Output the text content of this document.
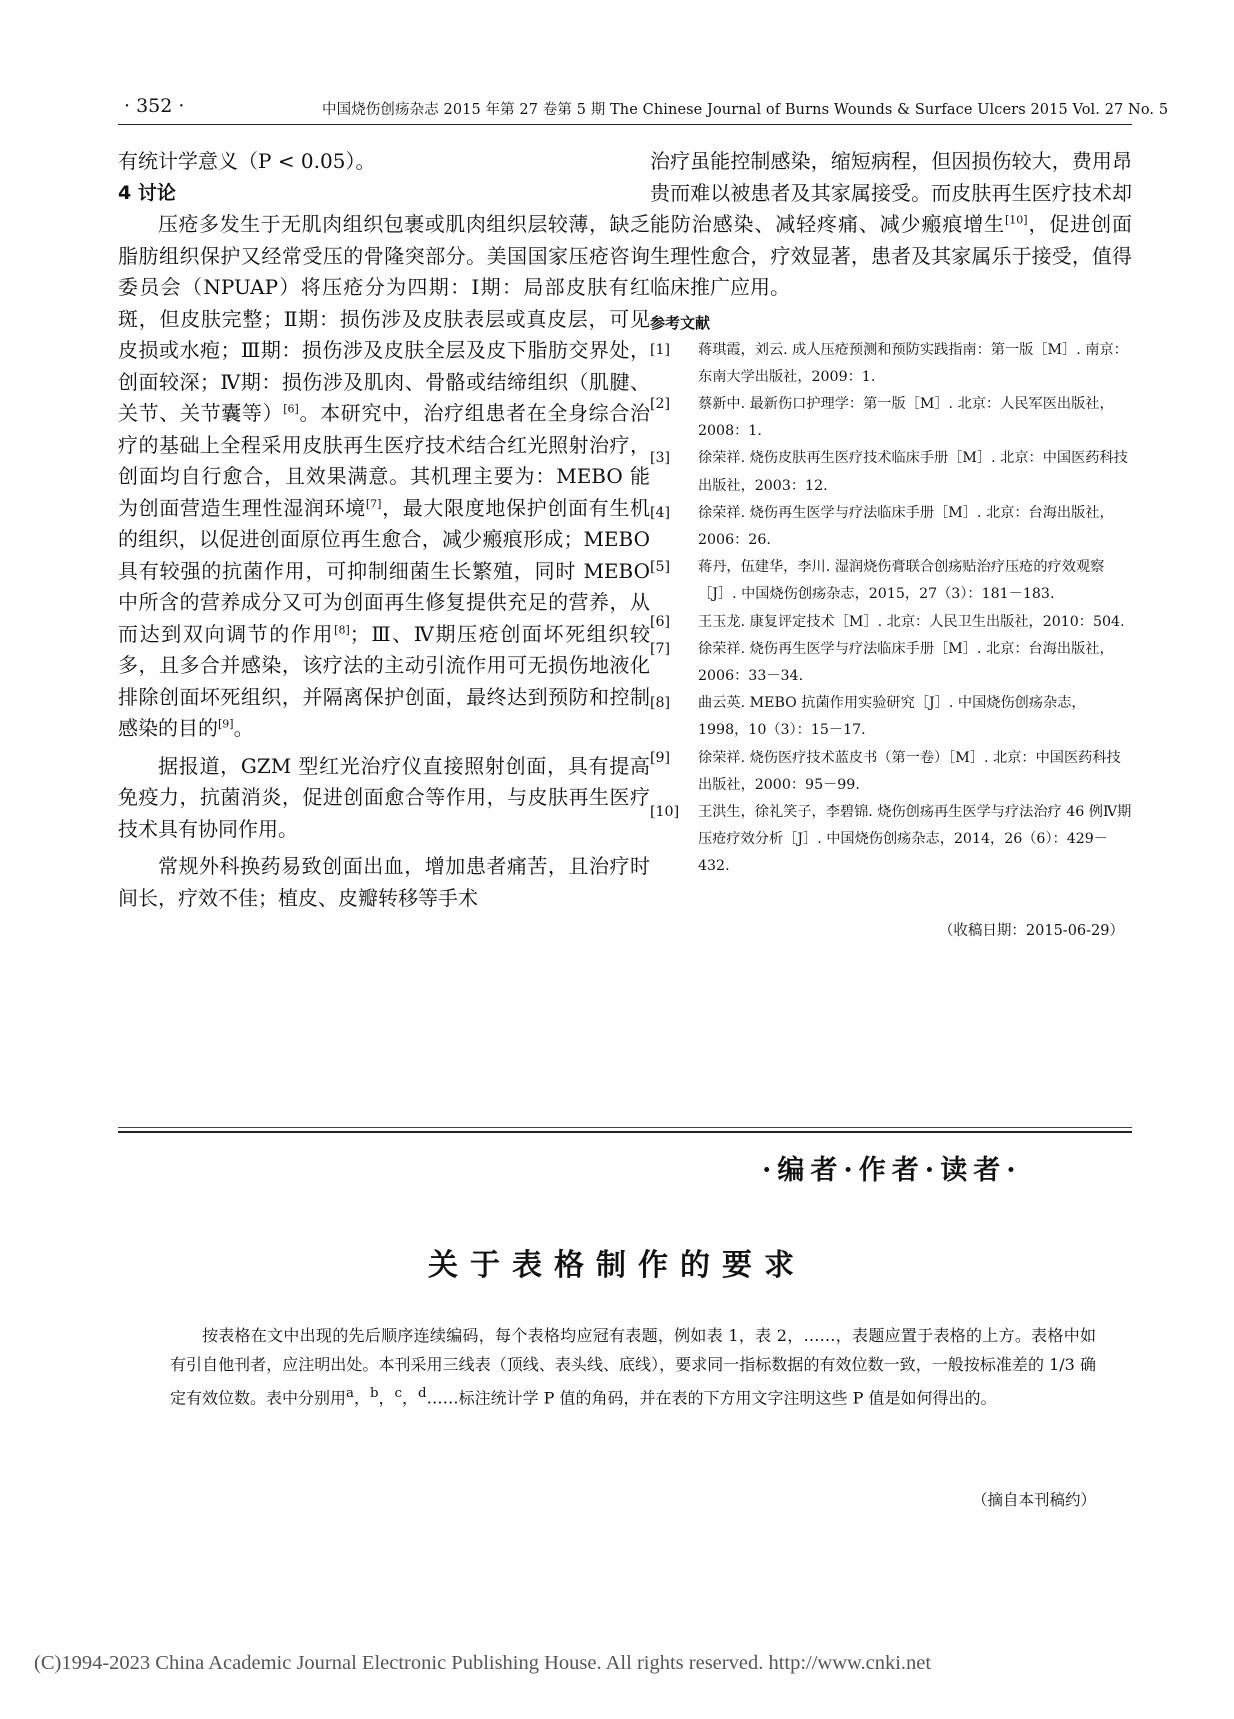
· 352 ·	中国烧伤创疡杂志 2015 年第 27 卷第 5 期 The Chinese Journal of Burns Wounds & Surface Ulcers 2015 Vol. 27 No. 5

有统计学意义（P < 0.05）。

4 讨论

压疮多发生于无肌肉组织包裹或肌肉组织层较薄，缺乏脂肪组织保护又经常受压的骨隆突部分。美国国家压疮咨询委员会（NPUAP）将压疮分为四期：Ⅰ期：局部皮肤有红斑，但皮肤完整；Ⅱ期：损伤涉及皮肤表层或真皮层，可见皮损或水疱；Ⅲ期：损伤涉及皮肤全层及皮下脂肪交界处，创面较深；Ⅳ期：损伤涉及肌肉、骨骼或结缔组织（肌腱、关节、关节囊等）[6]。本研究中，治疗组患者在全身综合治疗的基础上全程采用皮肤再生医疗技术结合红光照射治疗，创面均自行愈合，且效果满意。其机理主要为：MEBO 能为创面营造生理性湿润环境[7]，最大限度地保护创面有生机的组织，以促进创面原位再生愈合，减少瘢痕形成；MEBO 具有较强的抗菌作用，可抑制细菌生长繁殖，同时 MEBO 中所含的营养成分又可为创面再生修复提供充足的营养，从而达到双向调节的作用[8]；Ⅲ、Ⅳ期压疮创面坏死组织较多，且多合并感染，该疗法的主动引流作用可无损伤地液化排除创面坏死组织，并隔离保护创面，最终达到预防和控制感染的目的[9]。

据报道，GZM 型红光治疗仪直接照射创面，具有提高免疫力，抗菌消炎，促进创面愈合等作用，与皮肤再生医疗技术具有协同作用。

常规外科换药易致创面出血，增加患者痛苦，且治疗时间长，疗效不佳；植皮、皮瓣转移等手术

治疗虽能控制感染，缩短病程，但因损伤较大，费用昂贵而难以被患者及其家属接受。而皮肤再生医疗技术却能防治感染、减轻疼痛、减少瘢痕增生[10]，促进创面生理性愈合，疗效显著，患者及其家属乐于接受，值得临床推广应用。

参考文献
[1] 蒋琪霞，刘云. 成人压疮预测和预防实践指南：第一版［M］. 南京：东南大学出版社，2009：1.
[2] 蔡新中. 最新伤口护理学：第一版［M］. 北京：人民军医出版社，2008：1.
[3] 徐荣祥. 烧伤皮肤再生医疗技术临床手册［M］. 北京：中国医药科技出版社，2003：12.
[4] 徐荣祥. 烧伤再生医学与疗法临床手册［M］. 北京：台海出版社，2006：26.
[5] 蒋丹，伍建华，李川. 湿润烧伤膏联合创疡贴治疗压疮的疗效观察［J］. 中国烧伤创疡杂志，2015，27（3）：181－183.
[6] 王玉龙. 康复评定技术［M］. 北京：人民卫生出版社，2010：504.
[7] 徐荣祥. 烧伤再生医学与疗法临床手册［M］. 北京：台海出版社，2006：33－34.
[8] 曲云英. MEBO 抗菌作用实验研究［J］. 中国烧伤创疡杂志，1998，10（3）：15－17.
[9] 徐荣祥. 烧伤医疗技术蓝皮书（第一卷）［M］. 北京：中国医药科技出版社，2000：95－99.
[10] 王洪生，徐礼笑子，李碧锦. 烧伤创疡再生医学与疗法治疗 46 例Ⅳ期压疮疗效分析［J］. 中国烧伤创疡杂志，2014，26（6）：429－432.
（收稿日期：2015-06-29）
·编者·作者·读者·
关于表格制作的要求

按表格在文中出现的先后顺序连续编码，每个表格均应冠有表题，例如表 1，表 2，……，表题应置于表格的上方。表格中如有引自他刊者，应注明出处。本刊采用三线表（顶线、表头线、底线），要求同一指标数据的有效位数一致，一般按标准差的 1/3 确定有效位数。表中分别用$^a$，$^b$，$^c$，$^d$……标注统计学 P 值的角码，并在表的下方用文字注明这些 P 值是如何得出的。

（摘自本刊稿约）
(C)1994-2023 China Academic Journal Electronic Publishing House. All rights reserved. http://www.cnki.net
